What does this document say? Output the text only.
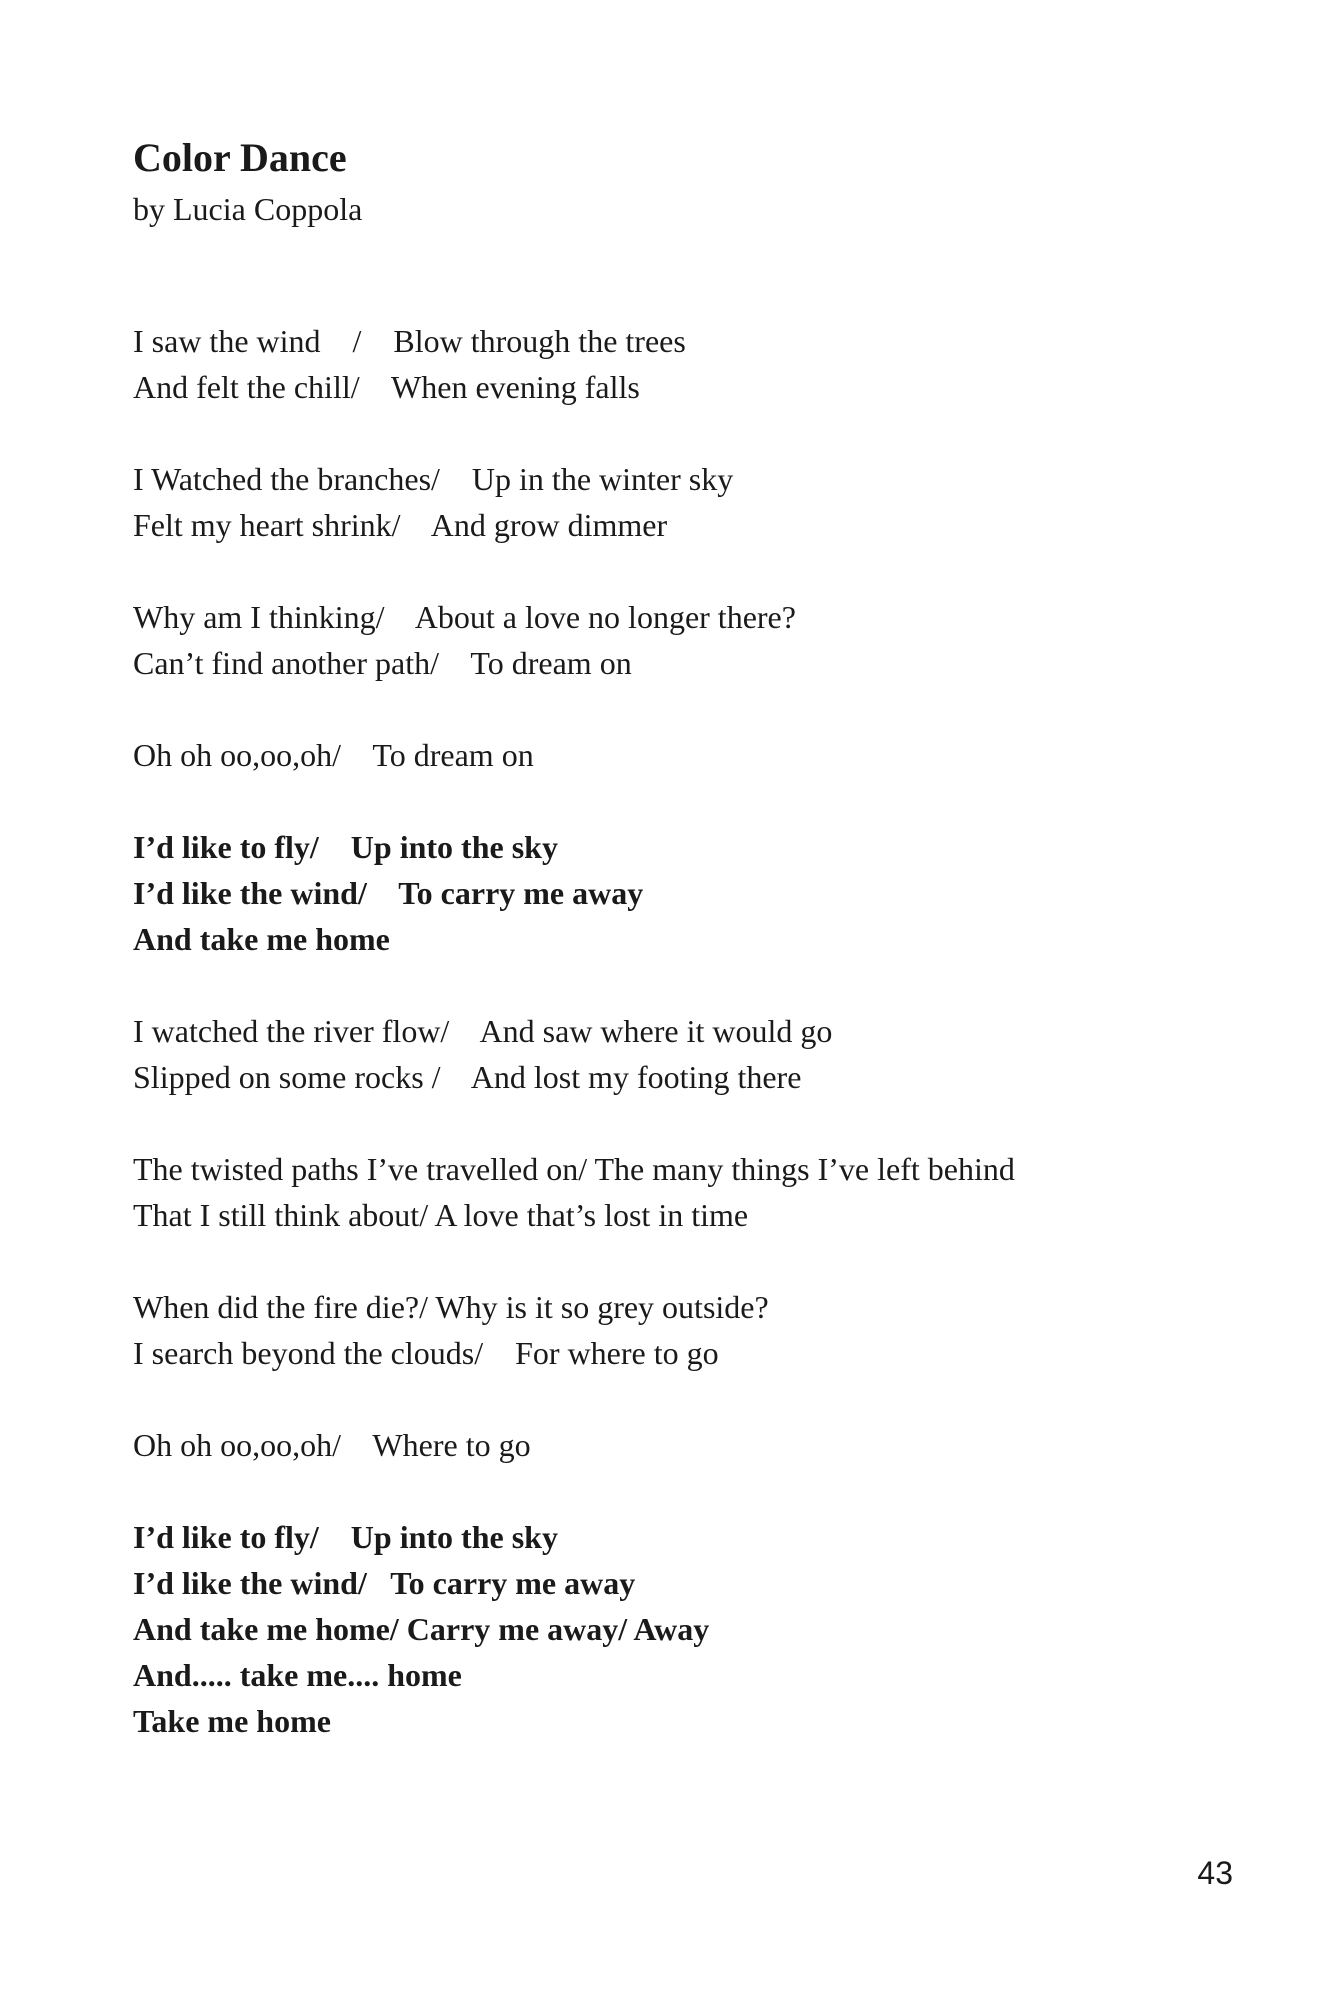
Color Dance

by Lucia Coppola

I saw the wind    /    Blow through the trees
And felt the chill/    When evening falls
I Watched the branches/    Up in the winter sky
Felt my heart shrink/    And grow dimmer
Why am I thinking/    About a love no longer there?
Can’t find another path/    To dream on
Oh oh oo,oo,oh/    To dream on
I’d like to fly/    Up into the sky
I’d like the wind/    To carry me away
And take me home
I watched the river flow/    And saw where it would go
Slipped on some rocks /    And lost my footing there
The twisted paths I’ve travelled on/ The many things I’ve left behind
That I still think about/ A love that’s lost in time
When did the fire die?/ Why is it so grey outside?
I search beyond the clouds/    For where to go
Oh oh oo,oo,oh/    Where to go
I’d like to fly/    Up into the sky
I’d like the wind/   To carry me away
And take me home/ Carry me away/ Away
And..... take me.... home
Take me home
43
